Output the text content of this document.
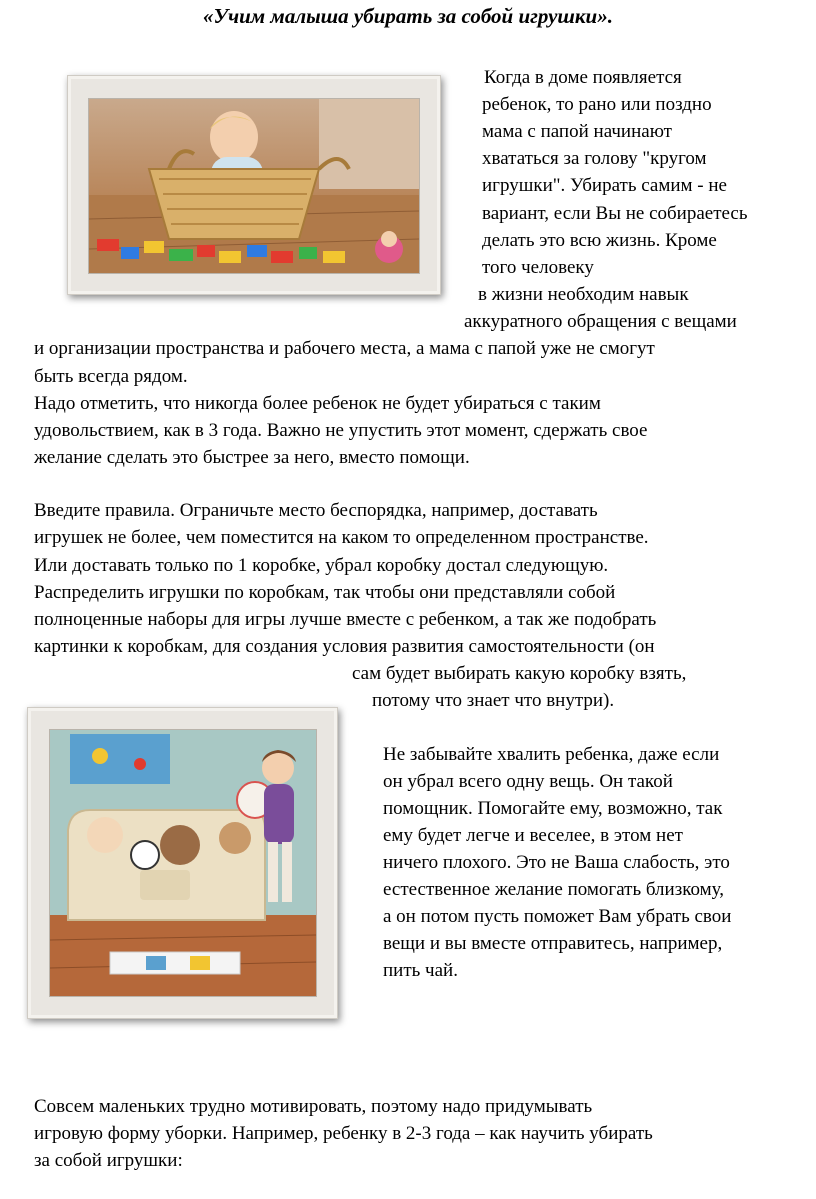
«Учим малыша убирать за собой игрушки».
Когда в доме появляется
ребенок, то рано или поздно
мама с папой начинают
хвататься за голову "кругом
игрушки". Убирать самим - не
вариант, если Вы не собираетесь
делать это всю жизнь. Кроме
того человеку
в жизни необходим навык
аккуратного обращения с вещами
и организации пространства и рабочего места, а мама с папой уже не смогут
быть всегда рядом.
Надо отметить, что никогда более ребенок не будет убираться с таким
удовольствием, как в 3 года. Важно не упустить этот момент, сдержать свое
желание сделать это быстрее за него, вместо помощи.
Введите правила. Ограничьте место беспорядка, например, доставать
игрушек не более, чем поместится на каком то определенном пространстве.
Или доставать только по 1 коробке, убрал коробку достал следующую.
Распределить игрушки по коробкам, так чтобы они представляли собой
полноценные наборы для игры лучше вместе с ребенком, а так же подобрать
картинки к коробкам, для создания условия развития самостоятельности (он
сам будет выбирать какую коробку взять,
потому что знает что внутри).
Не забывайте хвалить ребенка, даже если
он убрал всего одну вещь. Он такой
помощник. Помогайте ему, возможно, так
ему будет легче и веселее, в этом нет
ничего плохого. Это не Ваша слабость, это
естественное желание помогать близкому,
а он потом пусть поможет Вам убрать свои
вещи и вы вместе отправитесь, например,
пить чай.
Совсем маленьких трудно мотивировать, поэтому надо придумывать
игровую форму уборки. Например, ребенку в 2-3 года – как научить убирать
за собой игрушки:
